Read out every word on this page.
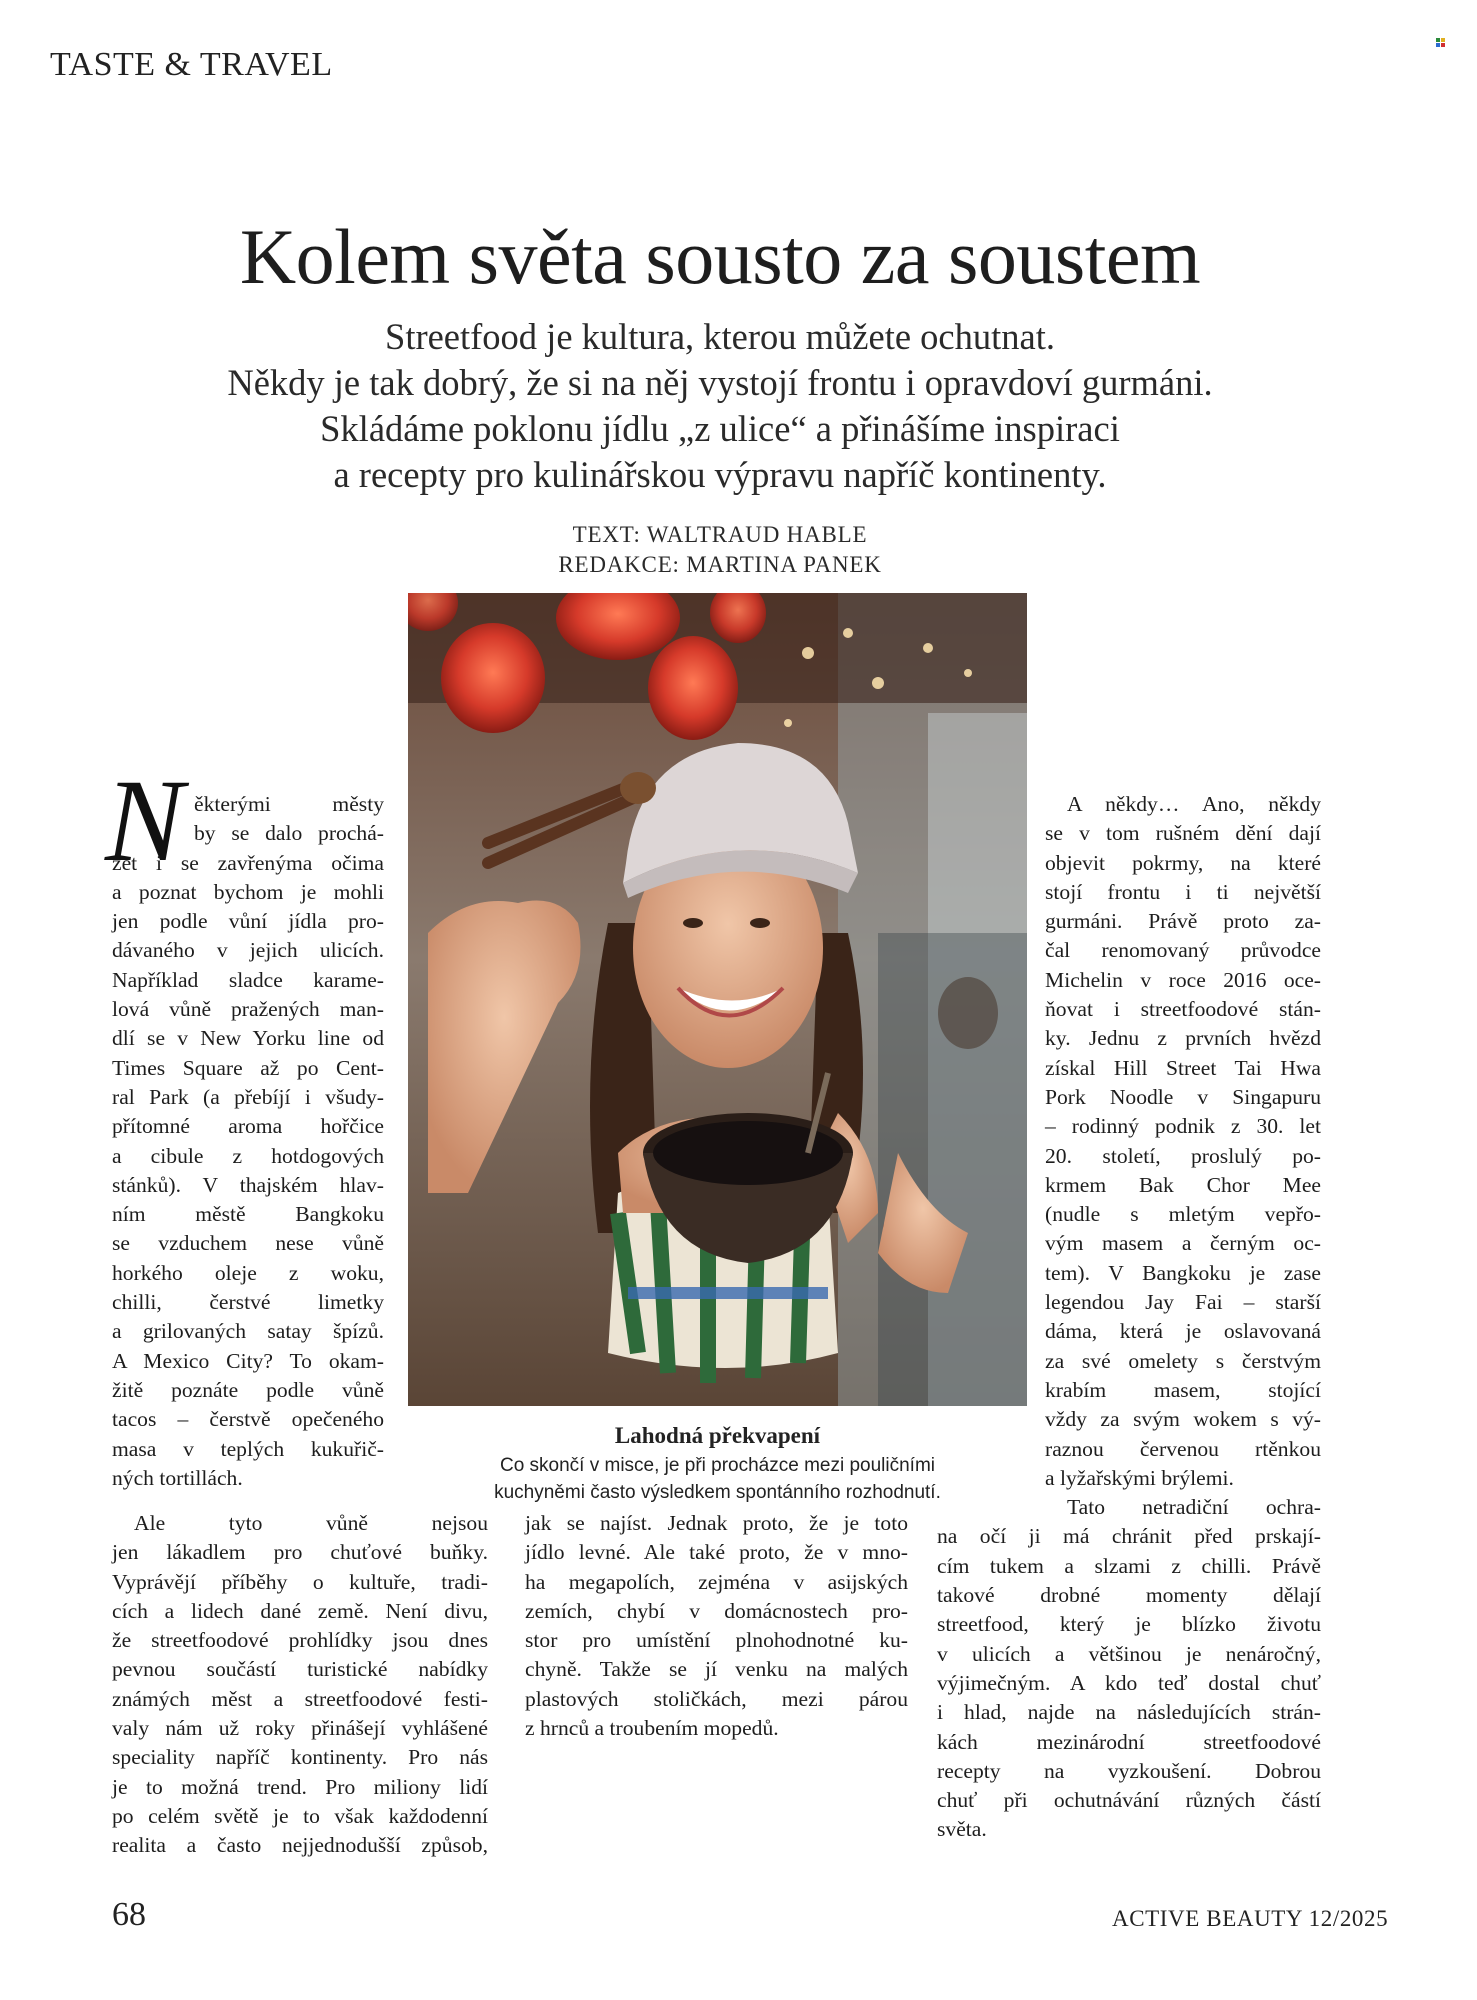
TASTE & TRAVEL
Kolem světa sousto za soustem
Streetfood je kultura, kterou můžete ochutnat.
Někdy je tak dobrý, že si na něj vystojí frontu i opravdoví gurmáni.
Skládáme poklonu jídlu „z ulice“ a přinášíme inspiraci
a recepty pro kulinářskou výpravu napříč kontinenty.
TEXT: WALTRAUD HABLE
REDAKCE: MARTINA PANEK
Lahodná překvapení
Co skončí v misce, je při procházce mezi pouličními
kuchyněmi často výsledkem spontánního rozhodnutí.
N ěkterými městy
by se dalo prochá-
zet i se zavřenýma očima
a poznat bychom je mohli
jen podle vůní jídla pro-
dávaného v jejich ulicích.
Například sladce karame-
lová vůně pražených man-
dlí se v New Yorku line od
Times Square až po Cent-
ral Park (a přebíjí i všudy-
přítomné aroma hořčice
a cibule z hotdogových
stánků). V thajském hlav-
ním městě Bangkoku
se vzduchem nese vůně
horkého oleje z woku,
chilli, čerstvé limetky
a grilovaných satay špízů.
A Mexico City? To okam-
žitě poznáte podle vůně
tacos – čerstvě opečeného
masa v teplých kukuřič-
ných tortillách.
Ale tyto vůně nejsou
jen lákadlem pro chuťové buňky.
Vyprávějí příběhy o kultuře, tradi-
cích a lidech dané země. Není divu,
že streetfoodové prohlídky jsou dnes
pevnou součástí turistické nabídky
známých měst a streetfoodové festi-
valy nám už roky přinášejí vyhlášené
speciality napříč kontinenty. Pro nás
je to možná trend. Pro miliony lidí
po celém světě je to však každodenní
realita a často nejjednodušší způsob,
jak se najíst. Jednak proto, že je toto
jídlo levné. Ale také proto, že v mno-
ha megapolích, zejména v asijských
zemích, chybí v domácnostech pro-
stor pro umístění plnohodnotné ku-
chyně. Takže se jí venku na malých
plastových stoličkách, mezi párou
z hrnců a troubením mopedů.
A někdy… Ano, někdy
se v tom rušném dění dají
objevit pokrmy, na které
stojí frontu i ti největší
gurmáni. Právě proto za-
čal renomovaný průvodce
Michelin v roce 2016 oce-
ňovat i streetfoodové stán-
ky. Jednu z prvních hvězd
získal Hill Street Tai Hwa
Pork Noodle v Singapuru
– rodinný podnik z 30. let
20. století, proslulý po-
krmem Bak Chor Mee
(nudle s mletým vepřo-
vým masem a černým oc-
tem). V Bangkoku je zase
legendou Jay Fai – starší
dáma, která je oslavovaná
za své omelety s čerstvým
krabím masem, stojící
vždy za svým wokem s vý-
raznou červenou rtěnkou
a lyžařskými brýlemi.
Tato netradiční ochra-
na očí ji má chránit před prskají-
cím tukem a slzami z chilli. Právě
takové drobné momenty dělají
streetfood, který je blízko životu
v ulicích a většinou je nenáročný,
výjimečným. A kdo teď dostal chuť
i hlad, najde na následujících strán-
kách mezinárodní streetfoodové
recepty na vyzkoušení. Dobrou
chuť při ochutnávání různých částí
světa.
68	ACTIVE BEAUTY 12/2025
